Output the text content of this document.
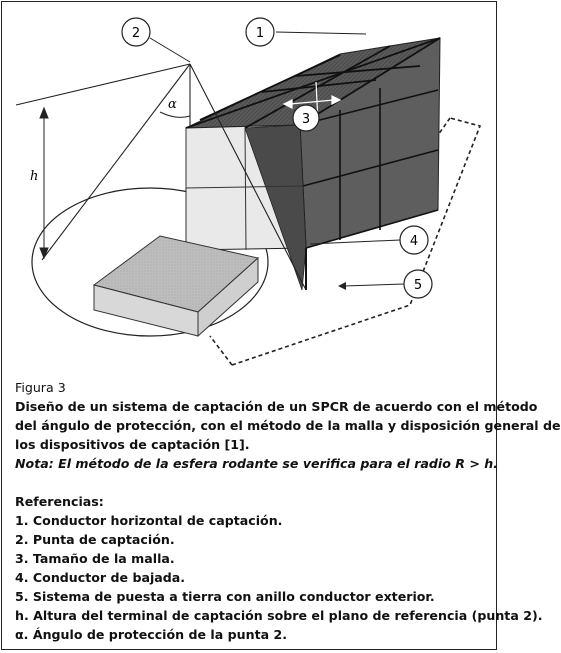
α
h
1
2
3
4
5
Figura 3
Diseño de un sistema de captación de un SPCR de acuerdo con el método
del ángulo de protección, con el método de la malla y disposición general de
los dispositivos de captación [1].
Nota: El método de la esfera rodante se verifica para el radio R > h.
Referencias:
1. Conductor horizontal de captación.
2. Punta de captación.
3. Tamaño de la malla.
4. Conductor de bajada.
5. Sistema de puesta a tierra con anillo conductor exterior.
h. Altura del terminal de captación sobre el plano de referencia (punta 2).
α. Ángulo de protección de la punta 2.
